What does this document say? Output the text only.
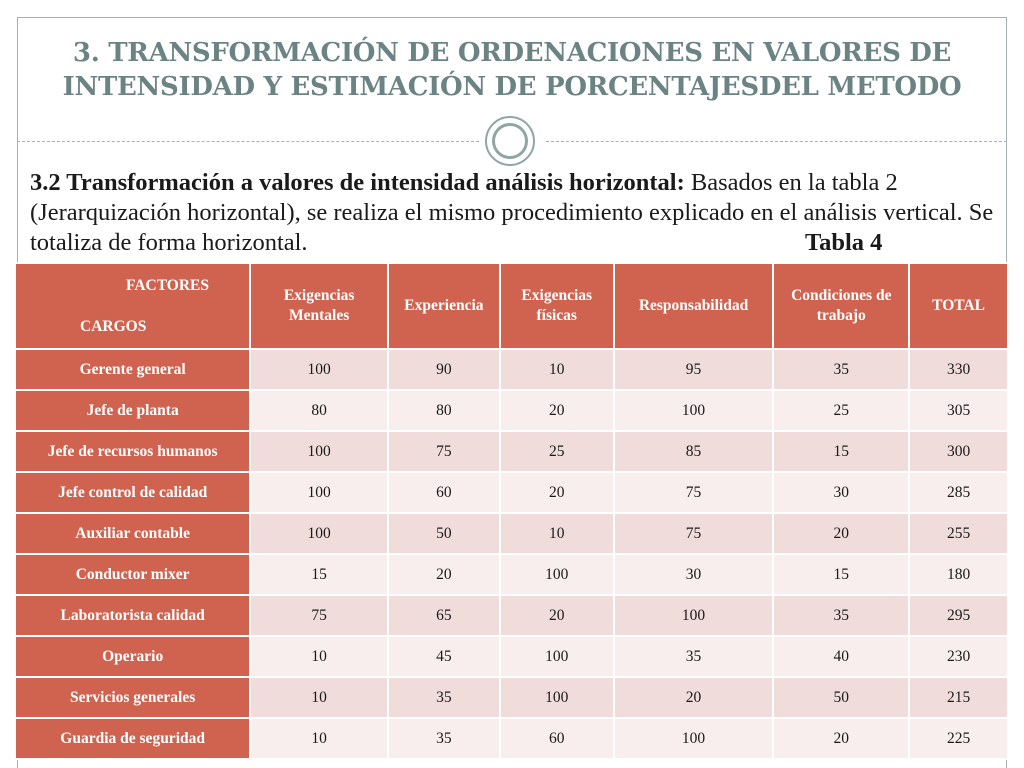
3. TRANSFORMACIÓN DE ORDENACIONES EN VALORES DE
INTENSIDAD Y ESTIMACIÓN DE PORCENTAJESDEL METODO
3.2 Transformación a valores de intensidad análisis horizontal: Basados en la tabla 2 (Jerarquización horizontal), se realiza el mismo procedimiento explicado en el análisis vertical. Se totaliza de forma horizontal.	Tabla 4
FACTORES
CARGOS	Exigencias Mentales	Experiencia	Exigencias físicas	Responsabilidad	Condiciones de trabajo	TOTAL
Gerente general	100	90	10	95	35	330
Jefe de planta	80	80	20	100	25	305
Jefe de recursos humanos	100	75	25	85	15	300
Jefe control de calidad	100	60	20	75	30	285
Auxiliar contable	100	50	10	75	20	255
Conductor mixer	15	20	100	30	15	180
Laboratorista calidad	75	65	20	100	35	295
Operario	10	45	100	35	40	230
Servicios generales	10	35	100	20	50	215
Guardia de seguridad	10	35	60	100	20	225
